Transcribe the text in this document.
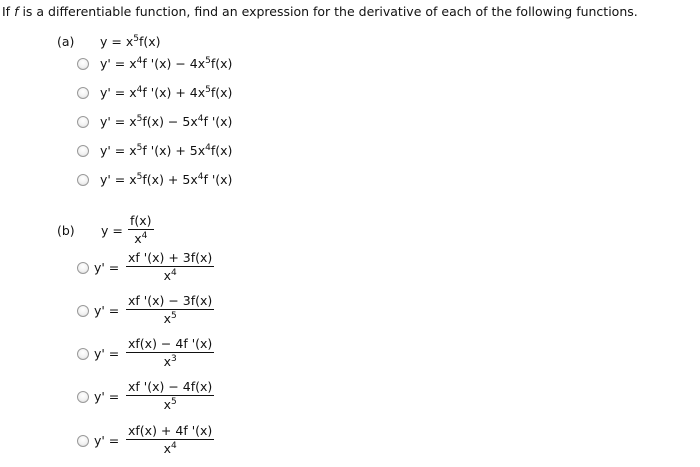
If f is a differentiable function, find an expression for the derivative of each of the following functions.
(a) $y = x^5f(x)$
$y' = x^4f$ '$(x) - 4x^5f(x)$
$y' = x^4f$ '$(x) + 4x^5f(x)$
$y' = x^5f(x) - 5x^4f$ '(x)
$y' = x^5f$ '$(x) + 5x^4f(x)$
$y' = x^5f(x) + 5x^4f$ '(x)
(b) $y = \frac{f(x)}{x^4}$
$y' = \frac{xf '(x) + 3f(x)}{x^4}$
$y' = \frac{xf '(x) - 3f(x)}{x^5}$
$y' = \frac{xf(x) - 4f '(x)}{x^3}$
$y' = \frac{xf '(x) - 4f(x)}{x^5}$
$y' = \frac{xf(x) + 4f '(x)}{x^4}$
